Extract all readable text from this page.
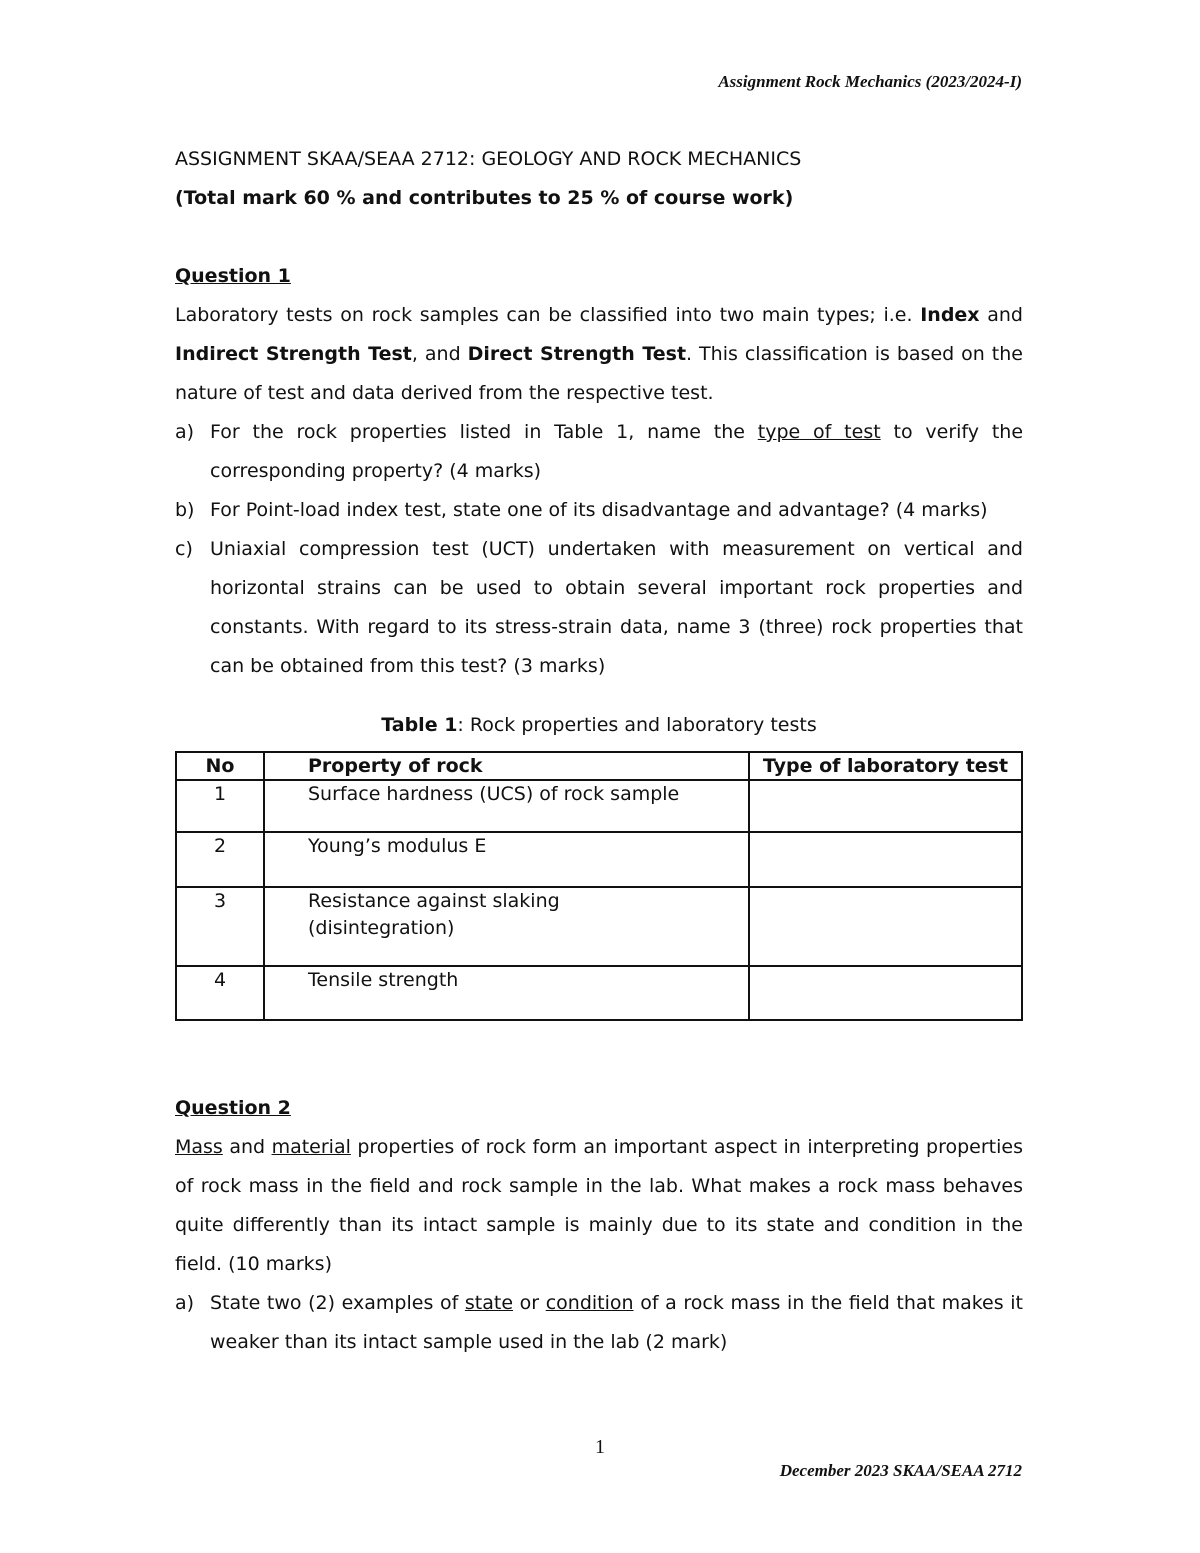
Assignment Rock Mechanics (2023/2024-I)

ASSIGNMENT SKAA/SEAA 2712: GEOLOGY AND ROCK MECHANICS

(Total mark 60 % and contributes to 25 % of course work)

Question 1

Laboratory tests on rock samples can be classified into two main types; i.e. Index and Indirect Strength Test, and Direct Strength Test. This classification is based on the nature of test and data derived from the respective test.

a) For the rock properties listed in Table 1, name the type of test to verify the corresponding property? (4 marks)
b) For Point-load index test, state one of its disadvantage and advantage? (4 marks)
c) Uniaxial compression test (UCT) undertaken with measurement on vertical and horizontal strains can be used to obtain several important rock properties and constants. With regard to its stress-strain data, name 3 (three) rock properties that can be obtained from this test? (3 marks)

Table 1: Rock properties and laboratory tests

No	Property of rock	Type of laboratory test
1	Surface hardness (UCS) of rock sample	
2	Young’s modulus E	
3	Resistance against slaking
(disintegration)	

4	Tensile strength	

Question 2

Mass and material properties of rock form an important aspect in interpreting properties of rock mass in the field and rock sample in the lab. What makes a rock mass behaves quite differently than its intact sample is mainly due to its state and condition in the field. (10 marks)

a) State two (2) examples of state or condition of a rock mass in the field that makes it weaker than its intact sample used in the lab (2 mark)
1
December 2023 SKAA/SEAA 2712
